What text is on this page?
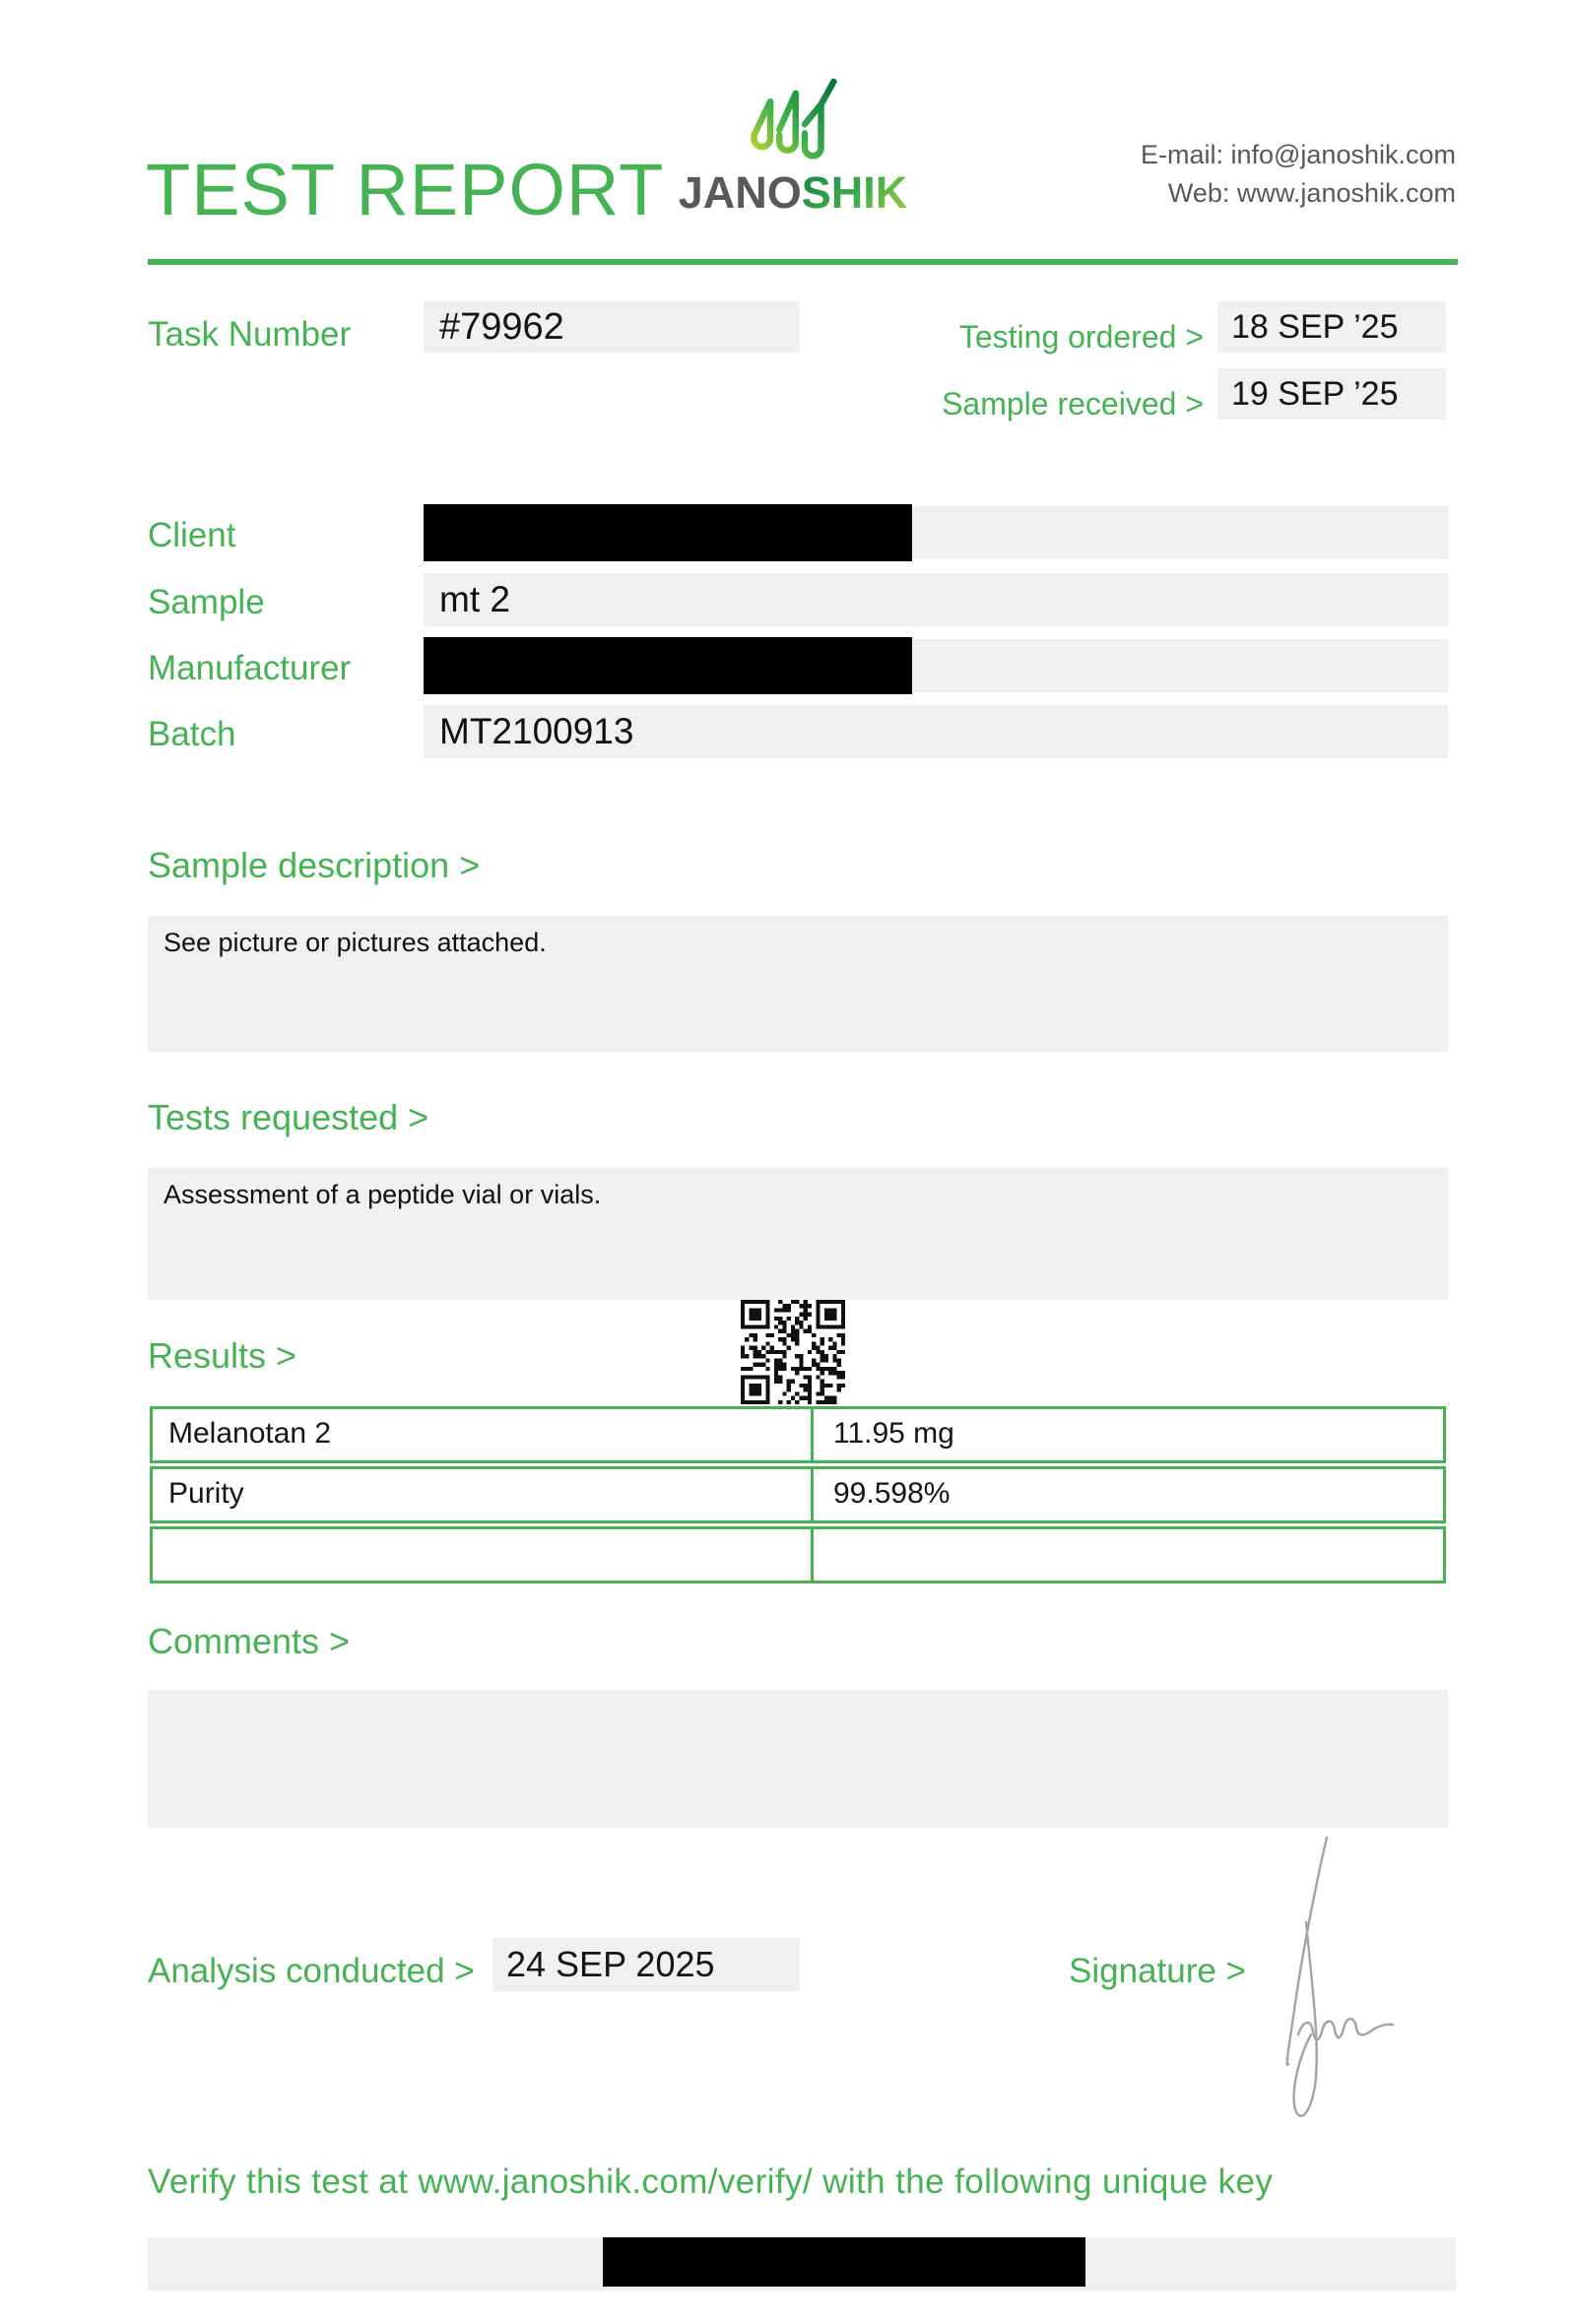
TEST REPORT JANOSHIK
E-mail: info@janoshik.com
Web: www.janoshik.com
Task Number	#79962	Testing ordered > 18 SEP ’25
Sample received > 19 SEP ’25
Client
Sample	mt 2
Manufacturer
Batch	MT2100913
Sample description >
See picture or pictures attached.
Tests requested >
Assessment of a peptide vial or vials.
Results >
Melanotan 2	11.95 mg
Purity	99.598%
Comments >
Analysis conducted > 24 SEP 2025	Signature >
Verify this test at www.janoshik.com/verify/ with the following unique key
